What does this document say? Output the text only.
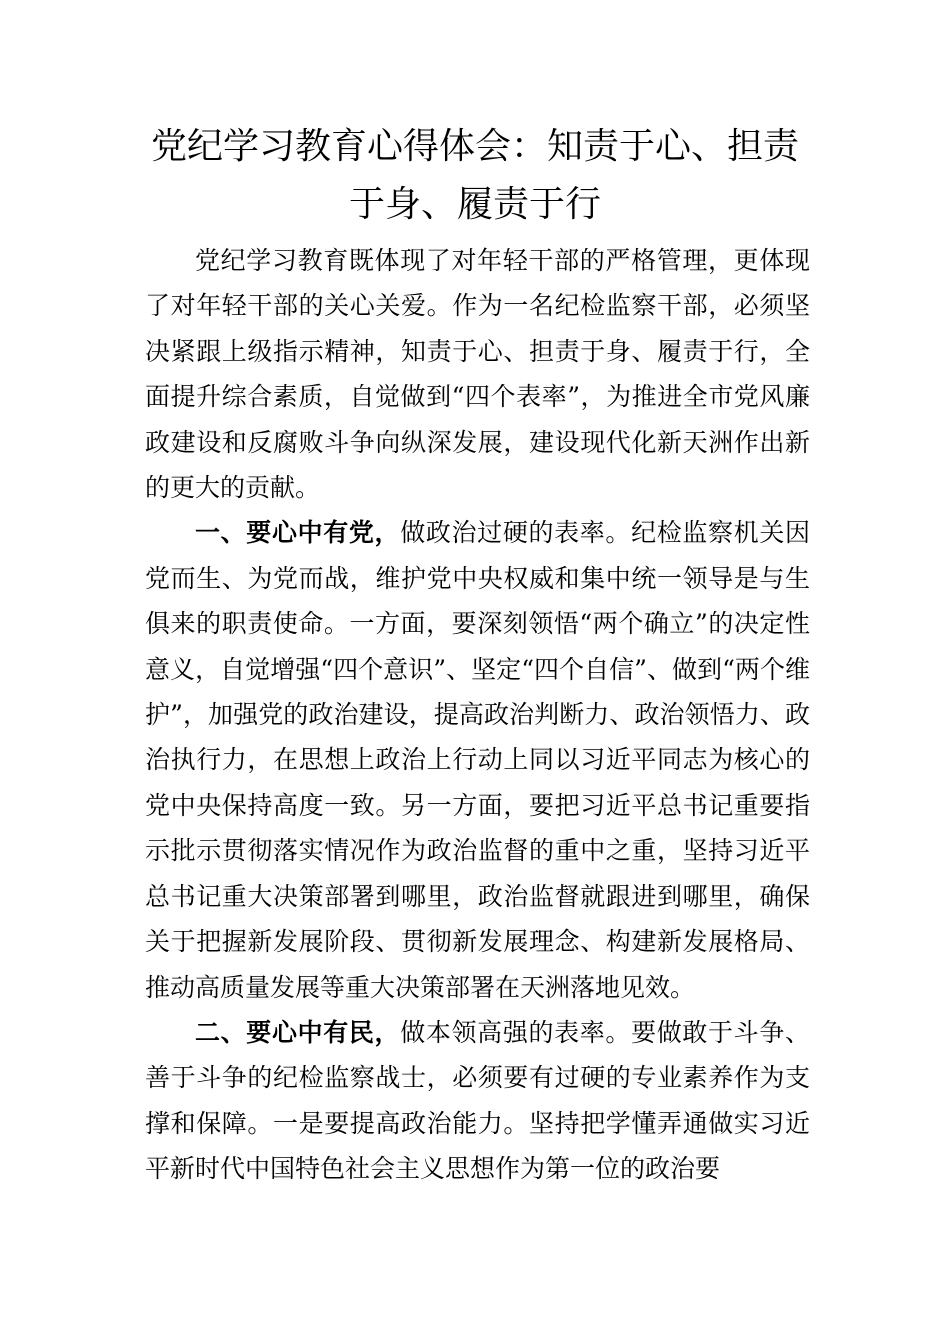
党纪学习教育心得体会：知责于心、担责于身、履责于行

党纪学习教育既体现了对年轻干部的严格管理，更体现了对年轻干部的关心关爱。作为一名纪检监察干部，必须坚决紧跟上级指示精神，知责于心、担责于身、履责于行，全面提升综合素质，自觉做到“四个表率”，为推进全市党风廉政建设和反腐败斗争向纵深发展，建设现代化新天洲作出新的更大的贡献。

一、要心中有党，做政治过硬的表率。纪检监察机关因党而生、为党而战，维护党中央权威和集中统一领导是与生俱来的职责使命。一方面，要深刻领悟“两个确立”的决定性意义，自觉增强“四个意识”、坚定“四个自信”、做到“两个维护”，加强党的政治建设，提高政治判断力、政治领悟力、政治执行力，在思想上政治上行动上同以习近平同志为核心的党中央保持高度一致。另一方面，要把习近平总书记重要指示批示贯彻落实情况作为政治监督的重中之重，坚持习近平总书记重大决策部署到哪里，政治监督就跟进到哪里，确保关于把握新发展阶段、贯彻新发展理念、构建新发展格局、推动高质量发展等重大决策部署在天洲落地见效。

二、要心中有民，做本领高强的表率。要做敢于斗争、善于斗争的纪检监察战士，必须要有过硬的专业素养作为支撑和保障。一是要提高政治能力。坚持把学懂弄通做实习近平新时代中国特色社会主义思想作为第一位的政治要
